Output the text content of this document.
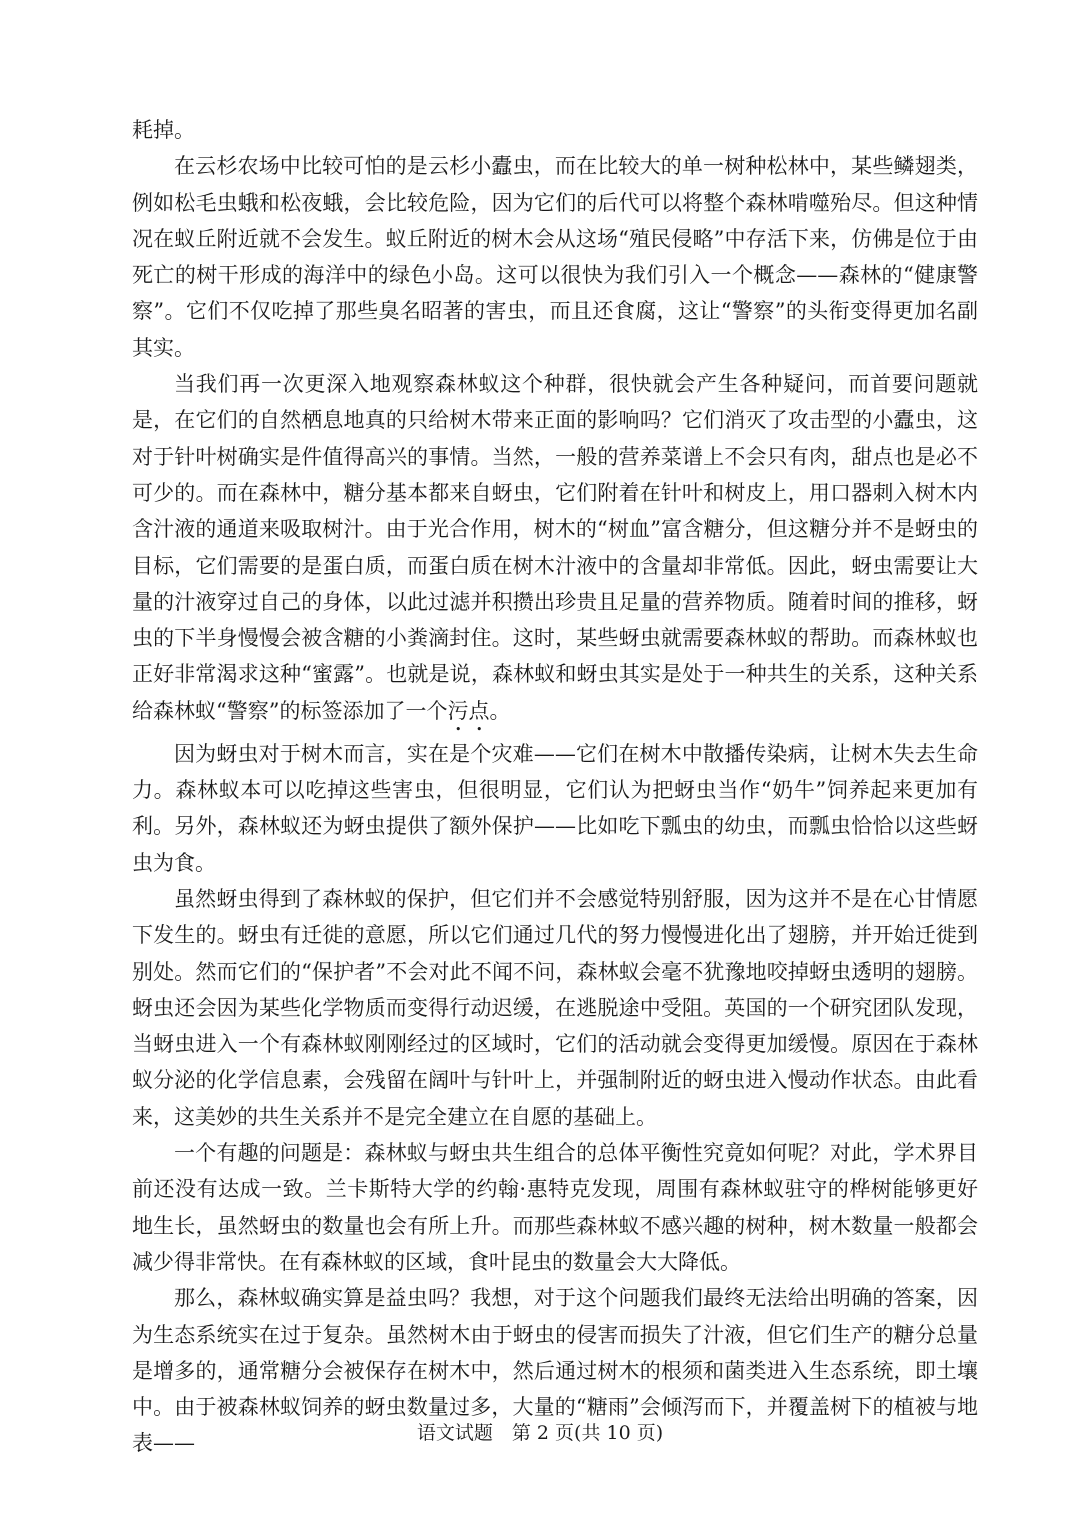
耗掉。

在云杉农场中比较可怕的是云杉小蠹虫，而在比较大的单一树种松林中，某些鳞翅类，例如松毛虫蛾和松夜蛾，会比较危险，因为它们的后代可以将整个森林啃噬殆尽。但这种情况在蚁丘附近就不会发生。蚁丘附近的树木会从这场“殖民侵略”中存活下来，仿佛是位于由死亡的树干形成的海洋中的绿色小岛。这可以很快为我们引入一个概念——森林的“健康警察”。它们不仅吃掉了那些臭名昭著的害虫，而且还食腐，这让“警察”的头衔变得更加名副其实。

当我们再一次更深入地观察森林蚁这个种群，很快就会产生各种疑问，而首要问题就是，在它们的自然栖息地真的只给树木带来正面的影响吗？它们消灭了攻击型的小蠹虫，这对于针叶树确实是件值得高兴的事情。当然，一般的营养菜谱上不会只有肉，甜点也是必不可少的。而在森林中，糖分基本都来自蚜虫，它们附着在针叶和树皮上，用口器刺入树木内含汁液的通道来吸取树汁。由于光合作用，树木的“树血”富含糖分，但这糖分并不是蚜虫的目标，它们需要的是蛋白质，而蛋白质在树木汁液中的含量却非常低。因此，蚜虫需要让大量的汁液穿过自己的身体，以此过滤并积攒出珍贵且足量的营养物质。随着时间的推移，蚜虫的下半身慢慢会被含糖的小粪滴封住。这时，某些蚜虫就需要森林蚁的帮助。而森林蚁也正好非常渴求这种“蜜露”。也就是说，森林蚁和蚜虫其实是处于一种共生的关系，这种关系给森林蚁“警察”的标签添加了一个污点。

因为蚜虫对于树木而言，实在是个灾难——它们在树木中散播传染病，让树木失去生命力。森林蚁本可以吃掉这些害虫，但很明显，它们认为把蚜虫当作“奶牛”饲养起来更加有利。另外，森林蚁还为蚜虫提供了额外保护——比如吃下瓢虫的幼虫，而瓢虫恰恰以这些蚜虫为食。

虽然蚜虫得到了森林蚁的保护，但它们并不会感觉特别舒服，因为这并不是在心甘情愿下发生的。蚜虫有迁徙的意愿，所以它们通过几代的努力慢慢进化出了翅膀，并开始迁徙到别处。然而它们的“保护者”不会对此不闻不问，森林蚁会毫不犹豫地咬掉蚜虫透明的翅膀。蚜虫还会因为某些化学物质而变得行动迟缓，在逃脱途中受阻。英国的一个研究团队发现，当蚜虫进入一个有森林蚁刚刚经过的区域时，它们的活动就会变得更加缓慢。原因在于森林蚁分泌的化学信息素，会残留在阔叶与针叶上，并强制附近的蚜虫进入慢动作状态。由此看来，这美妙的共生关系并不是完全建立在自愿的基础上。

一个有趣的问题是：森林蚁与蚜虫共生组合的总体平衡性究竟如何呢？对此，学术界目前还没有达成一致。兰卡斯特大学的约翰·惠特克发现，周围有森林蚁驻守的桦树能够更好地生长，虽然蚜虫的数量也会有所上升。而那些森林蚁不感兴趣的树种，树木数量一般都会减少得非常快。在有森林蚁的区域，食叶昆虫的数量会大大降低。

那么，森林蚁确实算是益虫吗？我想，对于这个问题我们最终无法给出明确的答案，因为生态系统实在过于复杂。虽然树木由于蚜虫的侵害而损失了汁液，但它们生产的糖分总量是增多的，通常糖分会被保存在树木中，然后通过树木的根须和菌类进入生态系统，即土壤中。由于被森林蚁饲养的蚜虫数量过多，大量的“糖雨”会倾泻而下，并覆盖树下的植被与地表——	语文试题　第 2 页(共 10 页)
